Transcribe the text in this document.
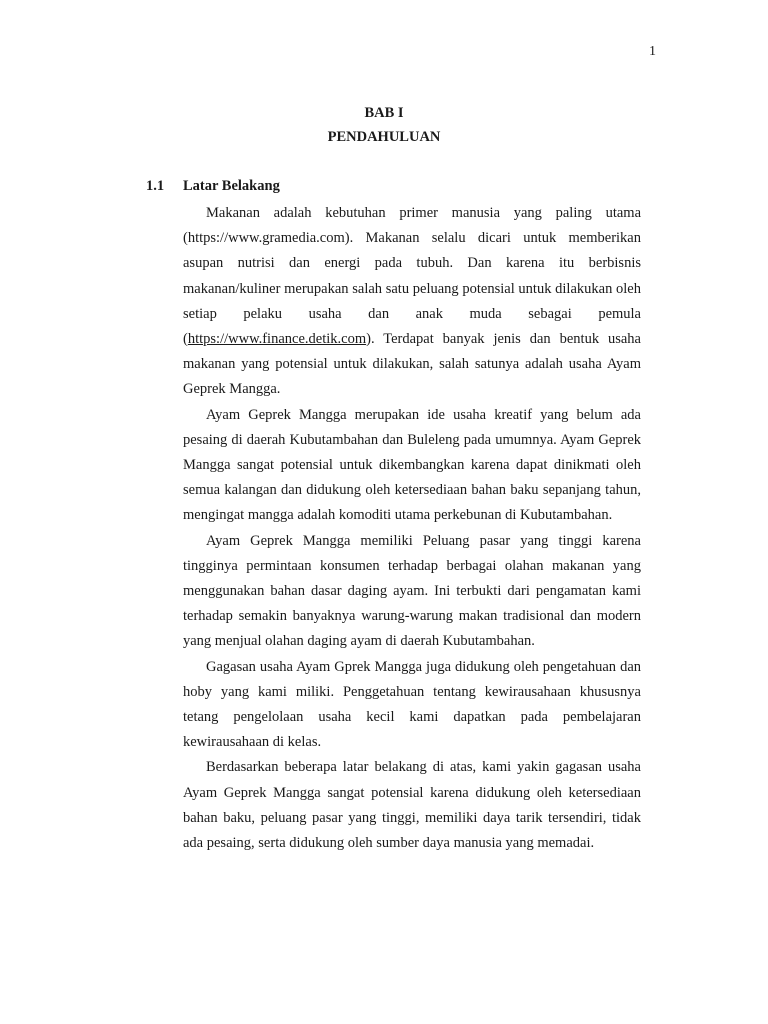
1
BAB I
PENDAHULUAN
1.1 Latar Belakang

Makanan adalah kebutuhan primer manusia yang paling utama (https://www.gramedia.com). Makanan selalu dicari untuk memberikan asupan nutrisi dan energi pada tubuh. Dan karena itu berbisnis makanan/kuliner merupakan salah satu peluang potensial untuk dilakukan oleh setiap pelaku usaha dan anak muda sebagai pemula (https://www.finance.detik.com). Terdapat banyak jenis dan bentuk usaha makanan yang potensial untuk dilakukan, salah satunya adalah usaha Ayam Geprek Mangga.

Ayam Geprek Mangga merupakan ide usaha kreatif yang belum ada pesaing di daerah Kubutambahan dan Buleleng pada umumnya. Ayam Geprek Mangga sangat potensial untuk dikembangkan karena dapat dinikmati oleh semua kalangan dan didukung oleh ketersediaan bahan baku sepanjang tahun, mengingat mangga adalah komoditi utama perkebunan di Kubutambahan.

Ayam Geprek Mangga memiliki Peluang pasar yang tinggi karena tingginya permintaan konsumen terhadap berbagai olahan makanan yang menggunakan bahan dasar daging ayam. Ini terbukti dari pengamatan kami terhadap semakin banyaknya warung-warung makan tradisional dan modern yang menjual olahan daging ayam di daerah Kubutambahan.

Gagasan usaha Ayam Gprek Mangga juga didukung oleh pengetahuan dan hoby yang kami miliki. Penggetahuan tentang kewirausahaan khususnya tetang pengelolaan usaha kecil kami dapatkan pada pembelajaran kewirausahaan di kelas.

Berdasarkan beberapa latar belakang di atas, kami yakin gagasan usaha Ayam Geprek Mangga sangat potensial karena didukung oleh ketersediaan bahan baku, peluang pasar yang tinggi, memiliki daya tarik tersendiri, tidak ada pesaing, serta didukung oleh sumber daya manusia yang memadai.
